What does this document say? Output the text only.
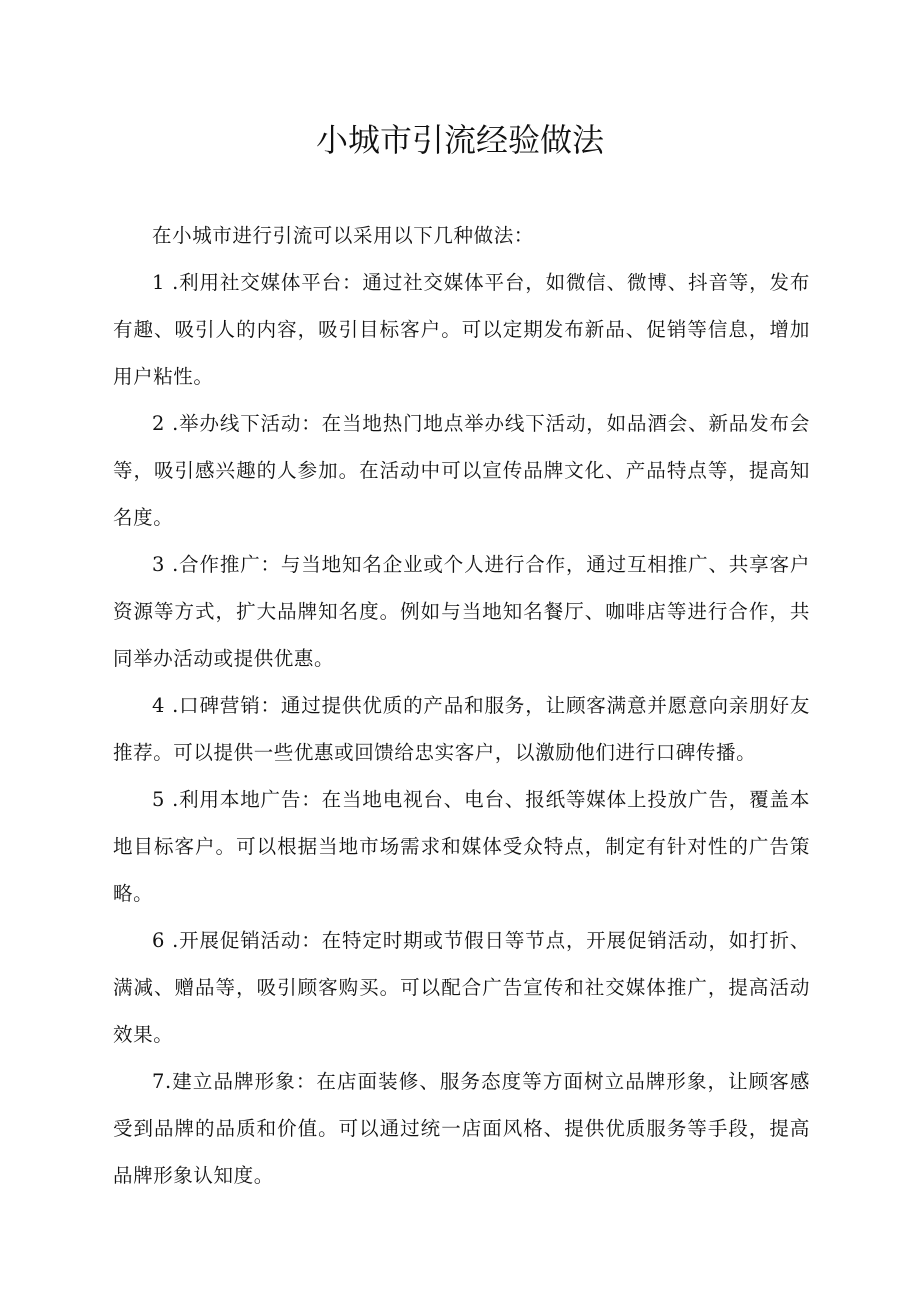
小城市引流经验做法

在小城市进行引流可以采用以下几种做法：

1 .利用社交媒体平台：通过社交媒体平台，如微信、微博、抖音等，发布有趣、吸引人的内容，吸引目标客户。可以定期发布新品、促销等信息，增加用户粘性。

2 .举办线下活动：在当地热门地点举办线下活动，如品酒会、新品发布会等，吸引感兴趣的人参加。在活动中可以宣传品牌文化、产品特点等，提高知名度。

3 .合作推广：与当地知名企业或个人进行合作，通过互相推广、共享客户资源等方式，扩大品牌知名度。例如与当地知名餐厅、咖啡店等进行合作，共同举办活动或提供优惠。

4 .口碑营销：通过提供优质的产品和服务，让顾客满意并愿意向亲朋好友推荐。可以提供一些优惠或回馈给忠实客户，以激励他们进行口碑传播。

5 .利用本地广告：在当地电视台、电台、报纸等媒体上投放广告，覆盖本地目标客户。可以根据当地市场需求和媒体受众特点，制定有针对性的广告策略。

6 .开展促销活动：在特定时期或节假日等节点，开展促销活动，如打折、满减、赠品等，吸引顾客购买。可以配合广告宣传和社交媒体推广，提高活动效果。

7.建立品牌形象：在店面装修、服务态度等方面树立品牌形象，让顾客感受到品牌的品质和价值。可以通过统一店面风格、提供优质服务等手段，提高品牌形象认知度。
